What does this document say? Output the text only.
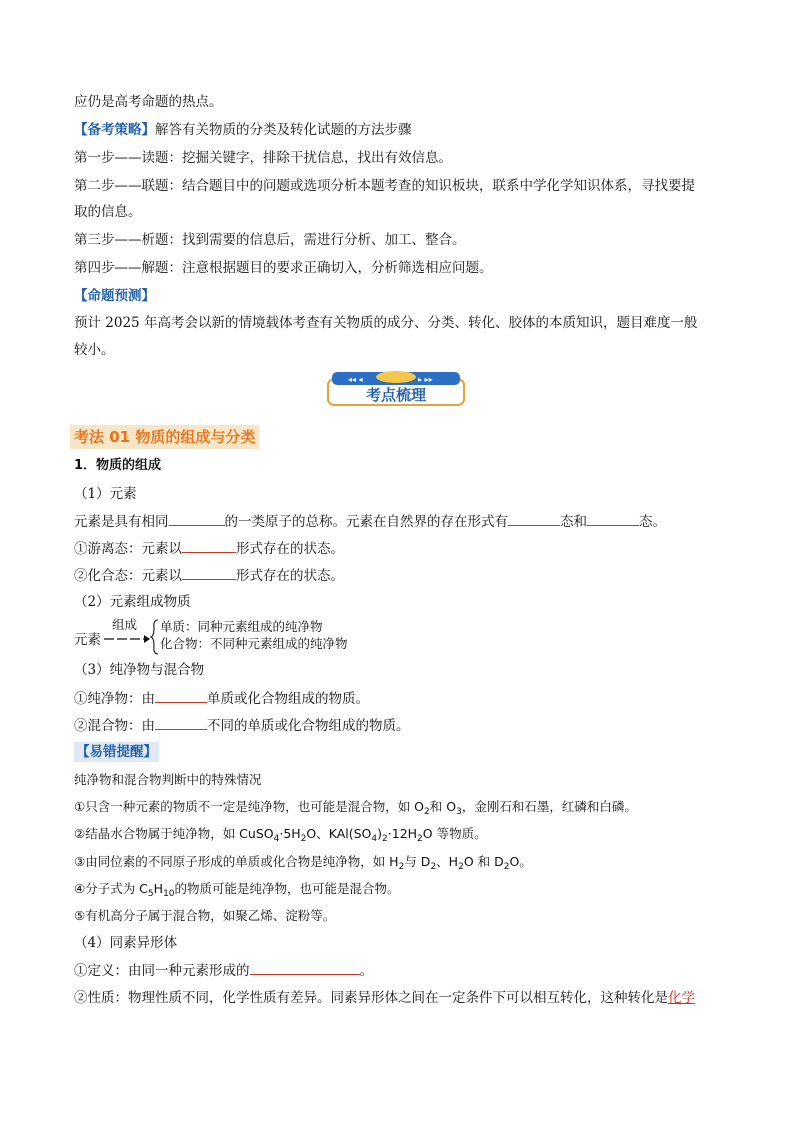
应仍是高考命题的热点。
【备考策略】解答有关物质的分类及转化试题的方法步骤
第一步——读题：挖掘关键字，排除干扰信息，找出有效信息。
第二步——联题：结合题目中的问题或选项分析本题考查的知识板块，联系中学化学知识体系，寻找要提
取的信息。
第三步——析题：找到需要的信息后，需进行分析、加工、整合。
第四步——解题：注意根据题目的要求正确切入，分析筛选相应问题。
【命题预测】
预计 2025 年高考会以新的情境载体考查有关物质的成分、分类、转化、胶体的本质知识，题目难度一般
较小。
◂◂ ◂	▸ ▸▸
考点梳理
考法 01 物质的组成与分类
1．物质的组成
（1）元素
元素是具有相同	的一类原子的总称。元素在自然界的存在形式有	态和	态。
①游离态：元素以	形式存在的状态。
②化合态：元素以	形式存在的状态。
（2）元素组成物质
元素
组成 单质：同种元素组成的纯净物
化合物：不同种元素组成的纯净物
（3）纯净物与混合物
①纯净物：由	单质或化合物组成的物质。
②混合物：由	不同的单质或化合物组成的物质。
【易错提醒】
纯净物和混合物判断中的特殊情况
①只含一种元素的物质不一定是纯净物，也可能是混合物，如 $O_2$和 $O_3$，金刚石和石墨，红磷和白磷。
②结晶水合物属于纯净物，如 $CuSO_4\cdot 5H_2O$、$KAl(SO_4)_2\cdot 12H_2O$ 等物质。
③由同位素的不同原子形成的单质或化合物是纯净物，如 $H_2$与 $D_2$、$H_2O$ 和 $D_2O$。
④分子式为 $C_5H_{10}$的物质可能是纯净物，也可能是混合物。
⑤有机高分子属于混合物，如聚乙烯、淀粉等。
（4）同素异形体
①定义：由同一种元素形成的	。
②性质：物理性质不同，化学性质有差异。同素异形体之间在一定条件下可以相互转化，这种转化是化学
